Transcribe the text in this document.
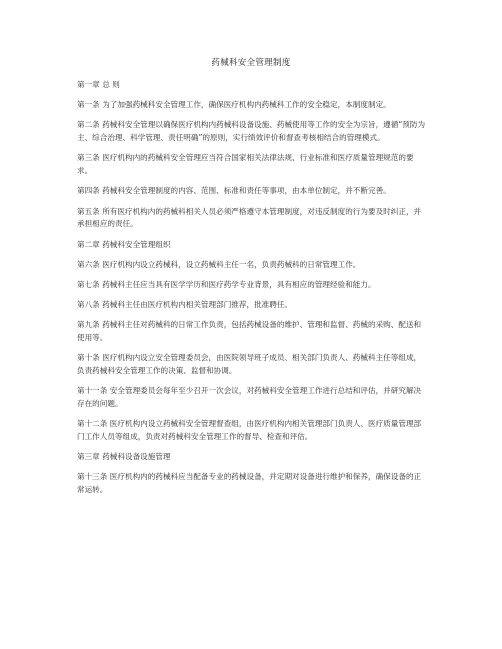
药械科安全管理制度
第一章 总 则
第一条 为了加强药械科安全管理工作，确保医疗机构内药械科工作的安全稳定，本制度制定。
第二条 药械科安全管理以确保医疗机构内药械科设备设施、药械使用等工作的安全为宗旨，遵循“预防为主、综合治理、科学管理、责任明确”的原则，实行绩效评价和督查考核相结合的管理模式。
第三条 医疗机构内的药械科安全管理应当符合国家相关法律法规、行业标准和医疗质量管理规范的要求。
第四条 药械科安全管理制度的内容、范围、标准和责任等事项，由本单位制定，并不断完善。
第五条 所有医疗机构内的药械科相关人员必须严格遵守本管理制度，对违反制度的行为要及时纠正，并承担相应的责任。
第二章 药械科安全管理组织
第六条 医疗机构内设立药械科，设立药械科主任一名，负责药械科的日常管理工作。
第七条 药械科主任应当具有医学学历和医疗药学专业背景，具有相应的管理经验和能力。
第八条 药械科主任由医疗机构内相关管理部门推荐，批准聘任。
第九条 药械科主任对药械科的日常工作负责，包括药械设备的维护、管理和监督、药械的采购、配送和使用等。
第十条 医疗机构内设立安全管理委员会，由医院领导班子成员、相关部门负责人、药械科主任等组成，负责药械科安全管理工作的决策、监督和协调。
第十一条 安全管理委员会每年至少召开一次会议，对药械科安全管理工作进行总结和评估，并研究解决存在的问题。
第十二条 医疗机构内设立药械科安全管理督查组，由医疗机构内相关管理部门负责人、医疗质量管理部门工作人员等组成，负责对药械科安全管理工作的督导、检查和评估。
第三章 药械科设备设施管理
第十三条 医疗机构内的药械科应当配备专业的药械设备，并定期对设备进行维护和保养，确保设备的正常运转。
